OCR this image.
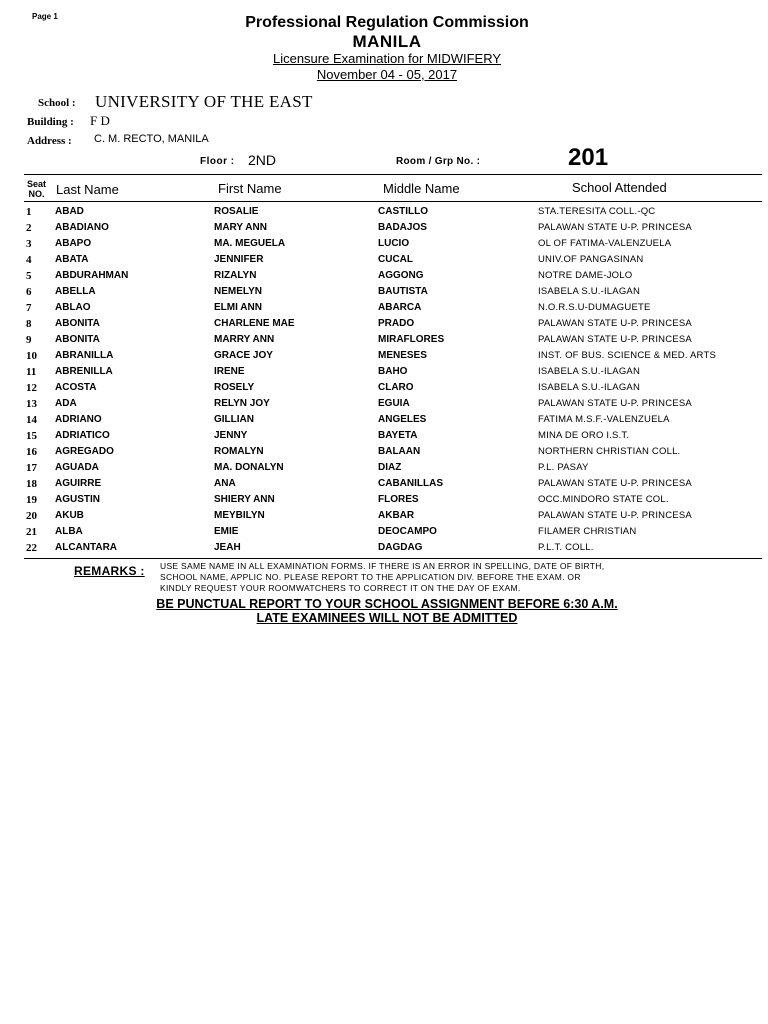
Page 1	Professional Regulation Commission
MANILA
Licensure Examination for MIDWIFERY
November 04 - 05, 2017
School : UNIVERSITY OF THE EAST
Building : F D
Address : C. M. RECTO, MANILA
Floor : 2ND	Room / Grp No. :	201
Seat
NO. Last Name	First Name	Middle Name	School Attended
1 ABAD	ROSALIE	CASTILLO	STA.TERESITA COLL.-QC
2 ABADIANO	MARY ANN	BADAJOS	PALAWAN STATE U-P. PRINCESA
3 ABAPO	MA. MEGUELA	LUCIO	OL OF FATIMA-VALENZUELA
4 ABATA	JENNIFER	CUCAL	UNIV.OF PANGASINAN
5 ABDURAHMAN	RIZALYN	AGGONG	NOTRE DAME-JOLO
6 ABELLA	NEMELYN	BAUTISTA	ISABELA S.U.-ILAGAN
7 ABLAO	ELMI ANN	ABARCA	N.O.R.S.U-DUMAGUETE
8 ABONITA	CHARLENE MAE	PRADO	PALAWAN STATE U-P. PRINCESA
9 ABONITA	MARRY ANN	MIRAFLORES	PALAWAN STATE U-P. PRINCESA
10 ABRANILLA	GRACE JOY	MENESES	INST. OF BUS. SCIENCE & MED. ARTS
11 ABRENILLA	IRENE	BAHO	ISABELA S.U.-ILAGAN
12 ACOSTA	ROSELY	CLARO	ISABELA S.U.-ILAGAN
13 ADA	RELYN JOY	EGUIA	PALAWAN STATE U-P. PRINCESA
14 ADRIANO	GILLIAN	ANGELES	FATIMA M.S.F.-VALENZUELA
15 ADRIATICO	JENNY	BAYETA	MINA DE ORO I.S.T.
16 AGREGADO	ROMALYN	BALAAN	NORTHERN CHRISTIAN COLL.
17 AGUADA	MA. DONALYN	DIAZ	P.L. PASAY
18 AGUIRRE	ANA	CABANILLAS	PALAWAN STATE U-P. PRINCESA
19 AGUSTIN	SHIERY ANN	FLORES	OCC.MINDORO STATE COL.
20 AKUB	MEYBILYN	AKBAR	PALAWAN STATE U-P. PRINCESA
21 ALBA	EMIE	DEOCAMPO	FILAMER CHRISTIAN
22 ALCANTARA	JEAH	DAGDAG	P.L.T. COLL.
REMARKS : USE SAME NAME IN ALL EXAMINATION FORMS. IF THERE IS AN ERROR IN SPELLING, DATE OF BIRTH,
SCHOOL NAME, APPLIC NO. PLEASE REPORT TO THE APPLICATION DIV. BEFORE THE EXAM. OR
KINDLY REQUEST YOUR ROOMWATCHERS TO CORRECT IT ON THE DAY OF EXAM.
BE PUNCTUAL REPORT TO YOUR SCHOOL ASSIGNMENT BEFORE 6:30 A.M.
LATE EXAMINEES WILL NOT BE ADMITTED
